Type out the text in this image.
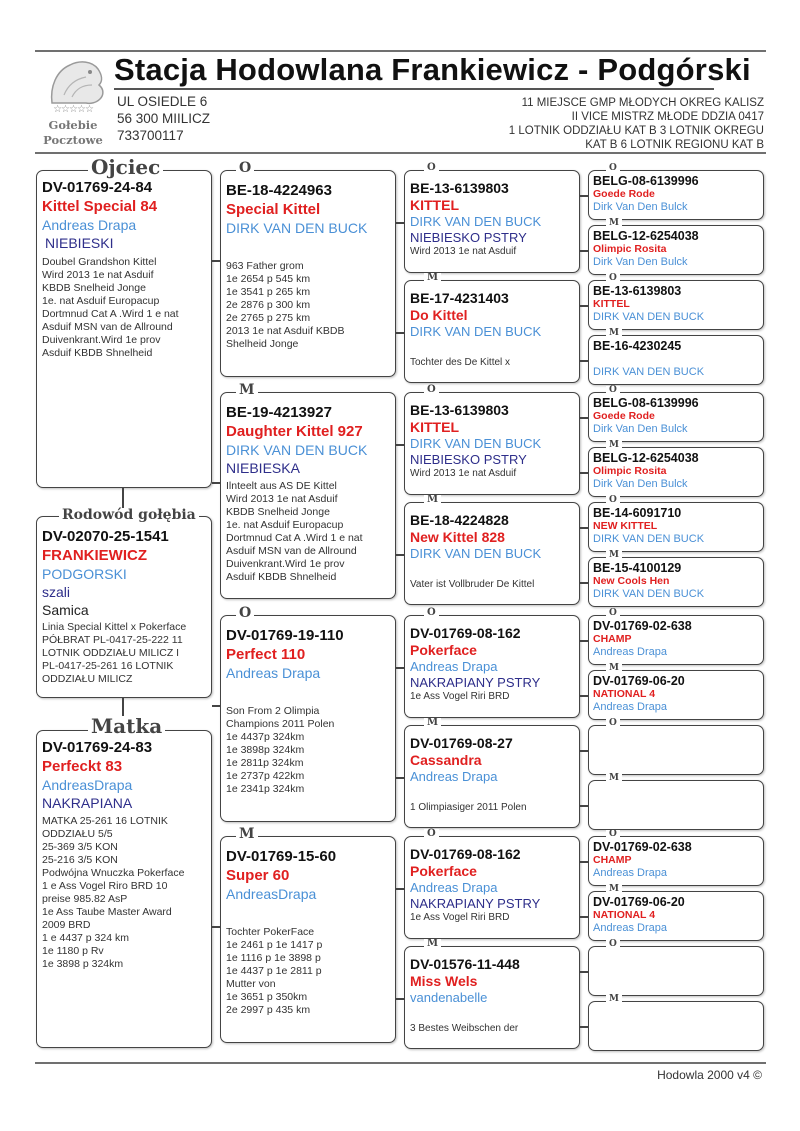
☆☆☆☆☆
Gołebie
Pocztowe
Stacja Hodowlana Frankiewicz - Podgórski
UL OSIEDLE 6
56 300 MIILICZ
733700117
11 MIEJSCE GMP MŁODYCH OKREG KALISZ
II VICE MISTRZ MŁODE DDZIA 0417
1 LOTNIK ODDZIAŁU KAT B 3 LOTNIK OKREGU
KAT B 6 LOTNIK REGIONU KAT B
DV-01769-24-84
Kittel Special 84
Andreas Drapa
NIEBIESKI
Doubel Grandshon Kittel
Wird 2013 1e nat Asduif
KBDB Snelheid Jonge
1e. nat Asduif Europacup
Dortmnud Cat A .Wird 1 e nat
Asduif MSN van de Allround
Duivenkrant.Wird 1e prov
Asduif KBDB Shnelheid
Ojciec
DV-02070-25-1541
FRANKIEWICZ
PODGORSKI
szali
Samica
Linia Special Kittel x Pokerface
PÓŁBRAT PL-0417-25-222 11
LOTNIK ODDZIAŁU MILICZ I
PL-0417-25-261 16 LOTNIK
ODDZIAŁU MILICZ
Rodowód gołębia
DV-01769-24-83
Perfeckt 83
AndreasDrapa
NAKRAPIANA
MATKA 25-261 16 LOTNIK
ODDZIAŁU 5/5
25-369 3/5 KON
25-216 3/5 KON
Podwójna Wnuczka Pokerface
1 e Ass Vogel Riro BRD 10
preise 985.82 AsP
1e Ass Taube Master Award
2009 BRD
1 e 4437 p 324 km
1e 1180 p Rv
1e 3898 p 324km
Matka
BE-18-4224963
Special Kittel
DIRK VAN DEN BUCK
963 Father grom
1e 2654 p 545 km
1e 3541 p 265 km
2e 2876 p 300 km
2e 2765 p 275 km
2013 1e nat Asduif KBDB
Shelheid Jonge
O
BE-19-4213927
Daughter Kittel 927
DIRK VAN DEN BUCK
NIEBIESKA
Ilnteelt aus AS DE Kittel
Wird 2013 1e nat Asduif
KBDB Snelheid Jonge
1e. nat Asduif Europacup
Dortmnud Cat A .Wird 1 e nat
Asduif MSN van de Allround
Duivenkrant.Wird 1e prov
Asduif KBDB Shnelheid
M
DV-01769-19-110
Perfect 110
Andreas Drapa
Son From 2 Olimpia
Champions 2011 Polen
1e 4437p 324km
1e 3898p 324km
1e 2811p 324km
1e 2737p 422km
1e 2341p 324km
O
DV-01769-15-60
Super 60
AndreasDrapa
Tochter PokerFace
1e 2461 p 1e 1417 p
1e 1116 p 1e 3898 p
1e 4437 p 1e 2811 p
Mutter von
1e 3651 p 350km
2e 2997 p 435 km
M
BE-13-6139803
KITTEL
DIRK VAN DEN BUCK
NIEBIESKO PSTRY
Wird 2013 1e nat Asduif
O
BE-17-4231403
Do Kittel
DIRK VAN DEN BUCK
Tochter des De Kittel x
M
BE-13-6139803
KITTEL
DIRK VAN DEN BUCK
NIEBIESKO PSTRY
Wird 2013 1e nat Asduif
O
BE-18-4224828
New Kittel 828
DIRK VAN DEN BUCK
Vater ist Vollbruder De Kittel
M
DV-01769-08-162
Pokerface
Andreas Drapa
NAKRAPIANY PSTRY
1e Ass Vogel Riri BRD
O
DV-01769-08-27
Cassandra
Andreas Drapa
1 Olimpiasiger 2011 Polen
M
DV-01769-08-162
Pokerface
Andreas Drapa
NAKRAPIANY PSTRY
1e Ass Vogel Riri BRD
O
DV-01576-11-448
Miss Wels
vandenabelle
3 Bestes Weibschen der
M
BELG-08-6139996
Goede Rode
Dirk Van Den Bulck
O
BELG-12-6254038
Olimpic Rosita
Dirk Van Den Bulck
M
BE-13-6139803
KITTEL
DIRK VAN DEN BUCK
O
BE-16-4230245
DIRK VAN DEN BUCK
M
BELG-08-6139996
Goede Rode
Dirk Van Den Bulck
O
BELG-12-6254038
Olimpic Rosita
Dirk Van Den Bulck
M
BE-14-6091710
NEW KITTEL
DIRK VAN DEN BUCK
O
BE-15-4100129
New Cools Hen
DIRK VAN DEN BUCK
M
DV-01769-02-638
CHAMP
Andreas Drapa
O
DV-01769-06-20
NATIONAL 4
Andreas Drapa
M
O
M
DV-01769-02-638
CHAMP
Andreas Drapa
O
DV-01769-06-20
NATIONAL 4
Andreas Drapa
M
O
M
Hodowla 2000 v4 ©
